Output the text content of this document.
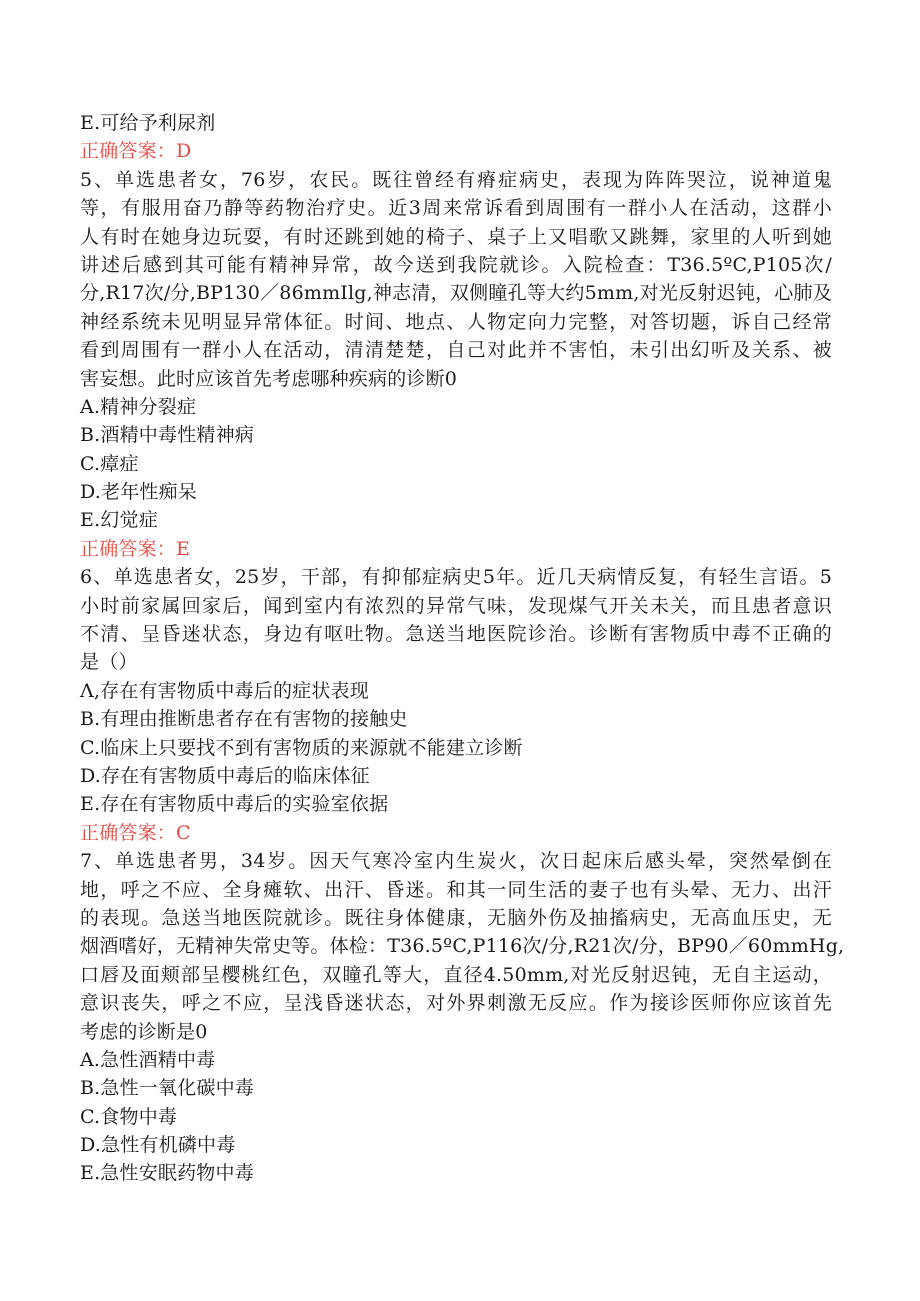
E.可给予利尿剂
正确答案：D
5、单选患者女，76岁，农民。既往曾经有瘠症病史，表现为阵阵哭泣，说神道鬼
等，有服用奋乃静等药物治疗史。近3周来常诉看到周围有一群小人在活动，这群小
人有时在她身边玩耍，有时还跳到她的椅子、桌子上又唱歌又跳舞，家里的人听到她
讲述后感到其可能有精神异常，故今送到我院就诊。入院检查：T36.5ºC,P105次/
分,R17次/分,BP130／86mmIlg,神志清，双侧瞳孔等大约5mm,对光反射迟钝，心肺及
神经系统未见明显异常体征。时间、地点、人物定向力完整，对答切题，诉自己经常
看到周围有一群小人在活动，清清楚楚，自己对此并不害怕，未引出幻听及关系、被
害妄想。此时应该首先考虑哪种疾病的诊断0
A.精神分裂症
B.酒精中毒性精神病
C.瘴症
D.老年性痴呆
E.幻觉症
正确答案：E
6、单选患者女，25岁，干部，有抑郁症病史5年。近几天病情反复，有轻生言语。5
小时前家属回家后，闻到室内有浓烈的异常气味，发现煤气开关未关，而且患者意识
不清、呈昏迷状态，身边有呕吐物。急送当地医院诊治。诊断有害物质中毒不正确的
是（）
Λ,存在有害物质中毒后的症状表现
B.有理由推断患者存在有害物的接触史
C.临床上只要找不到有害物质的来源就不能建立诊断
D.存在有害物质中毒后的临床体征
E.存在有害物质中毒后的实验室依据
正确答案：C
7、单选患者男，34岁。因天气寒冷室内生炭火，次日起床后感头晕，突然晕倒在
地，呼之不应、全身瘫软、出汗、昏迷。和其一同生活的妻子也有头晕、无力、出汗
的表现。急送当地医院就诊。既往身体健康，无脑外伤及抽搐病史，无高血压史，无
烟酒嗜好，无精神失常史等。体检：T36.5ºC,P116次/分,R21次/分，BP90／60mmHg,
口唇及面颊部呈樱桃红色，双瞳孔等大，直径4.50mm,对光反射迟钝，无自主运动，
意识丧失，呼之不应，呈浅昏迷状态，对外界刺激无反应。作为接诊医师你应该首先
考虑的诊断是0
A.急性酒精中毒
B.急性一氧化碳中毒
C.食物中毒
D.急性有机磷中毒
E.急性安眠药物中毒
